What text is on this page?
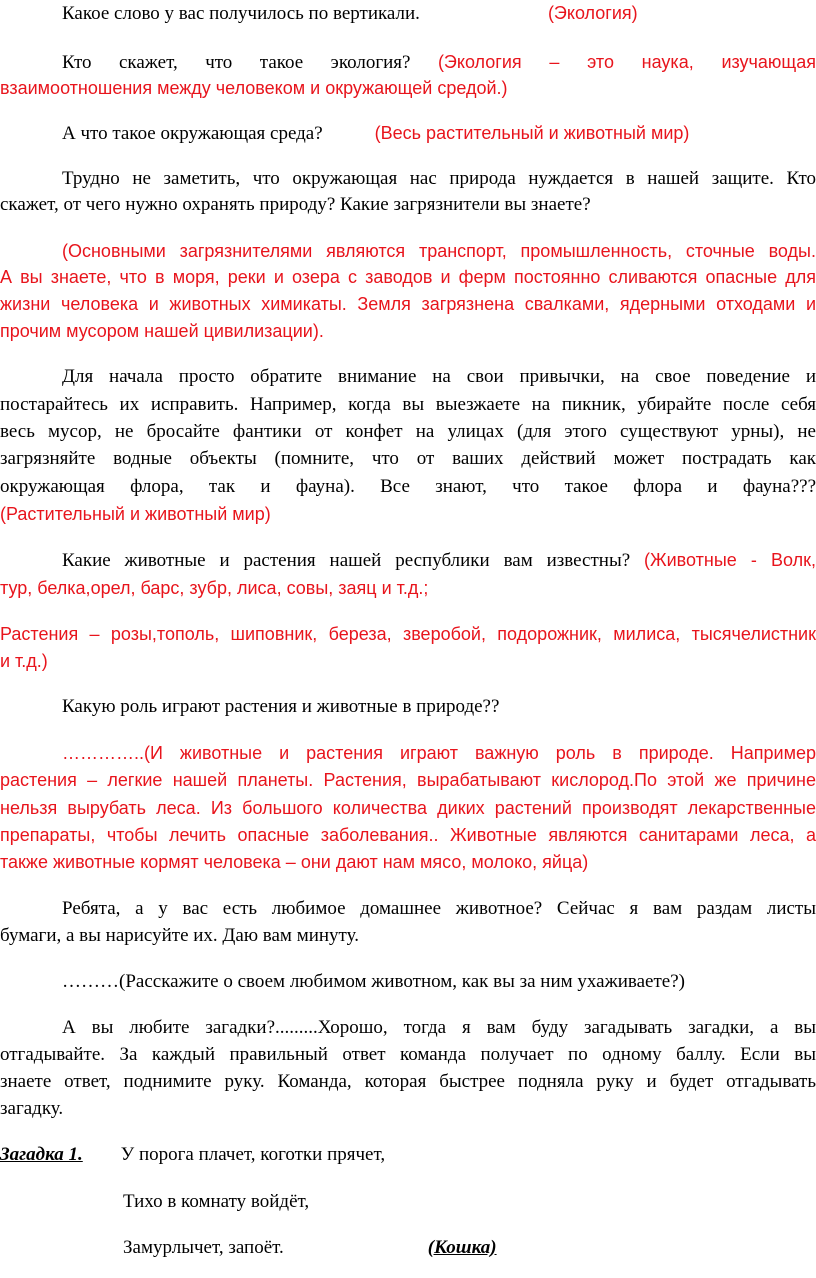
Какое слово у вас получилось по вертикали.	(Экология)
Кто скажет, что такое экология? (Экология – это наука, изучающая
взаимоотношения между человеком и окружающей средой.)
А что такое окружающая среда?	(Весь растительный и животный мир)
Трудно не заметить, что окружающая нас природа нуждается в нашей защите. Кто
скажет, от чего нужно охранять природу? Какие загрязнители вы знаете?
(Основными загрязнителями являются транспорт, промышленность, сточные воды.
А вы знаете, что в моря, реки и озера с заводов и ферм постоянно сливаются опасные для
жизни человека и животных химикаты. Земля загрязнена свалками, ядерными отходами и
прочим мусором нашей цивилизации).
Для начала просто обратите внимание на свои привычки, на свое поведение и
постарайтесь их исправить. Например, когда вы выезжаете на пикник, убирайте после себя
весь мусор, не бросайте фантики от конфет на улицах (для этого существуют урны), не
загрязняйте водные объекты (помните, что от ваших действий может пострадать как
окружающая флора, так и фауна). Все знают, что такое флора и фауна???
(Растительный и животный мир)
Какие животные и растения нашей республики вам известны? (Животные - Волк,
тур, белка,орел, барс, зубр, лиса, совы, заяц и т.д.;
Растения – розы,тополь, шиповник, береза, зверобой, подорожник, милиса, тысячелистник
и т.д.)
Какую роль играют растения и животные в природе??
…………..(И животные и растения играют важную роль в природе. Например
растения – легкие нашей планеты. Растения, вырабатывают кислород.По этой же причине
нельзя вырубать леса. Из большого количества диких растений производят лекарственные
препараты, чтобы лечить опасные заболевания.. Животные являются санитарами леса, а
также животные кормят человека – они дают нам мясо, молоко, яйца)
Ребята, а у вас есть любимое домашнее животное? Сейчас я вам раздам листы
бумаги, а вы нарисуйте их. Даю вам минуту.
………(Расскажите о своем любимом животном, как вы за ним ухаживаете?)
А вы любите загадки?.........Хорошо, тогда я вам буду загадывать загадки, а вы
отгадывайте. За каждый правильный ответ команда получает по одному баллу. Если вы
знаете ответ, поднимите руку. Команда, которая быстрее подняла руку и будет отгадывать
загадку.
Загадка 1. У порога плачет, коготки прячет,
Тихо в комнату войдёт,
Замурлычет, запоёт.	(Кошка)
